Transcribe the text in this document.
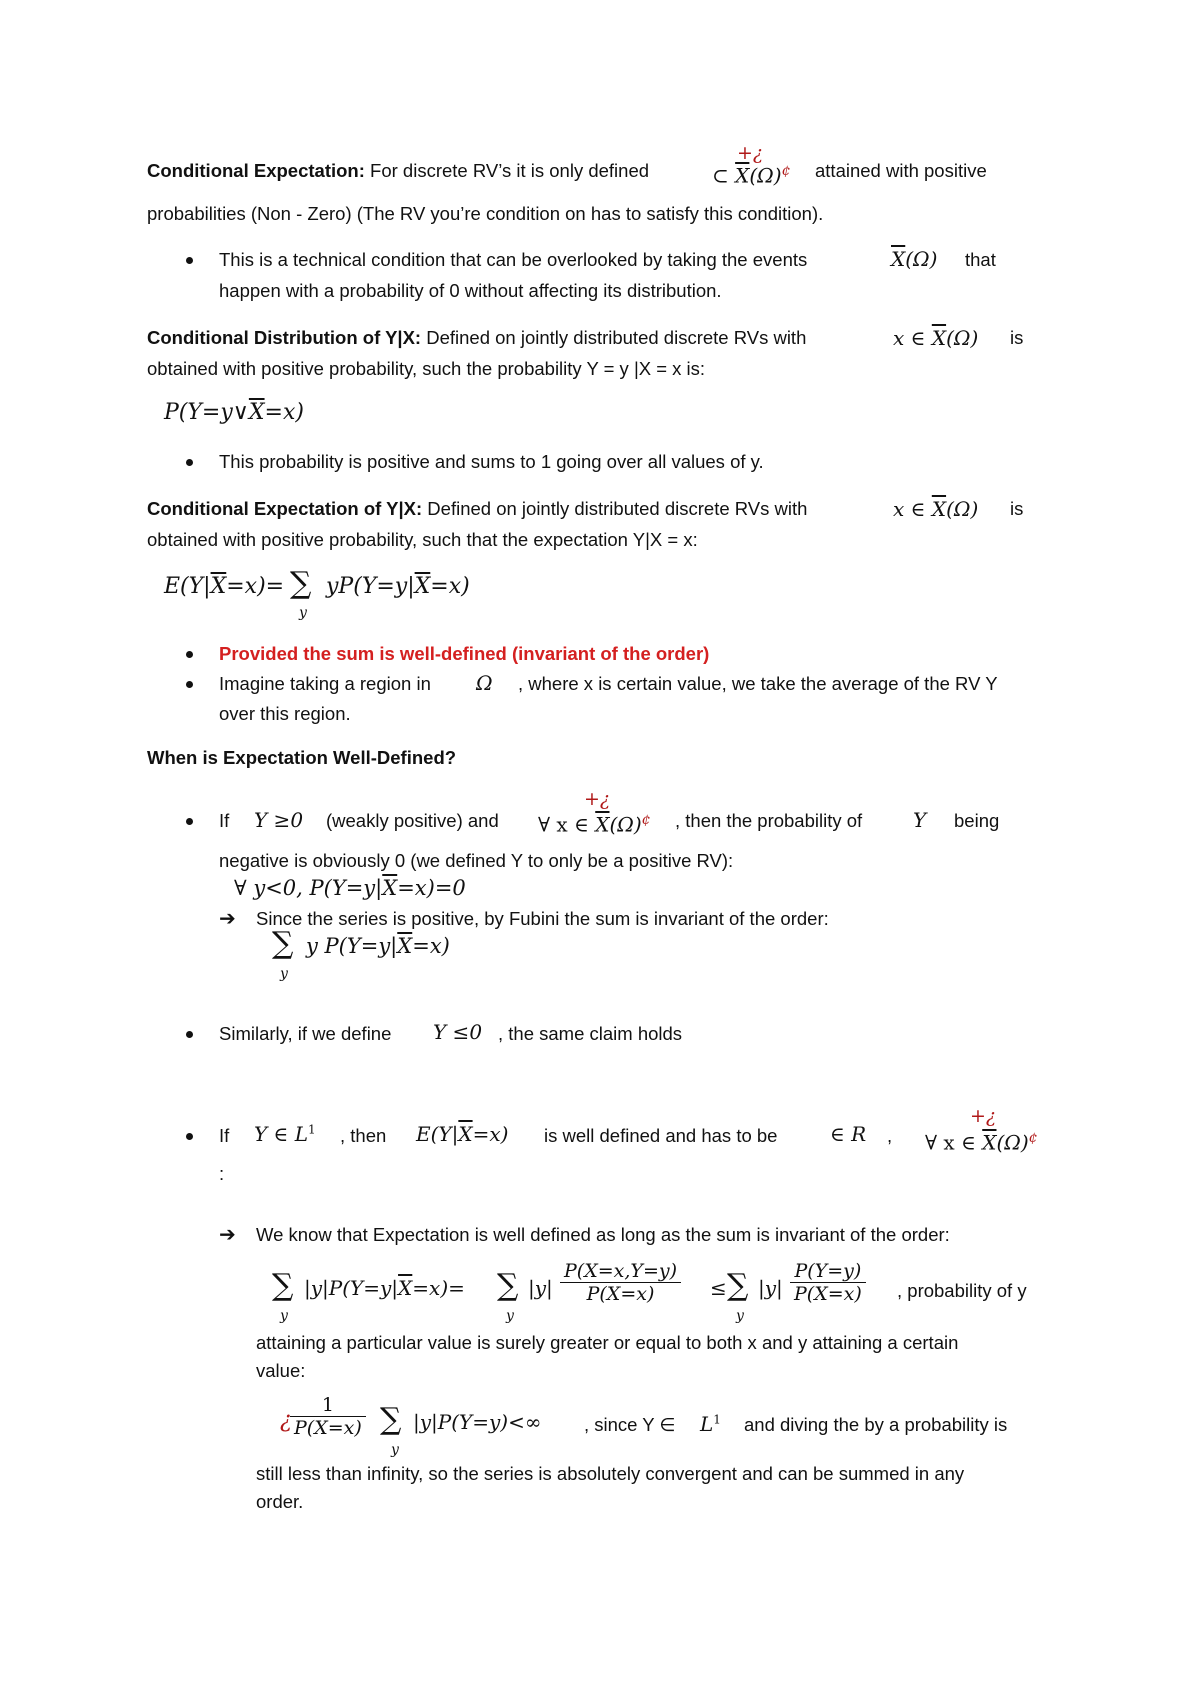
Conditional Expectation: For discrete RV’s it is only defined
+¿
⊂ $\overline{X}(\Omega)^¢$ attained with positive
probabilities (Non - Zero) (The RV you’re condition on has to satisfy this condition).
This is a technical condition that can be overlooked by taking the events	$\overline{X}(\Omega)$ that
happen with a probability of 0 without affecting its distribution.
Conditional Distribution of Y|X: Defined on jointly distributed discrete RVs with	x ∈ $\overline{X}(\Omega)$ is
obtained with positive probability, such the probability Y = y |X = x is:
$P(Y=y\vee\overline{X}=x)$
This probability is positive and sums to 1 going over all values of y.
Conditional Expectation of Y|X: Defined on jointly distributed discrete RVs with	x ∈ $\overline{X}(\Omega)$ is
obtained with positive probability, such that the expectation Y|X = x:
$E(Y|\overline{X}=x)=$ ∑
y
$yP(Y=y|\overline{X}=x)$
Provided the sum is well-defined (invariant of the order)
Imagine taking a region in Ω , where x is certain value, we take the average of the RV Y
over this region.
When is Expectation Well-Defined?
If Y ≥0 (weakly positive) and
+¿
∀ x ∈ $\overline{X}(\Omega)^¢$ , then the probability of	Y being
negative is obviously 0 (we defined Y to only be a positive RV):
∀ y<0, $P(Y=y|\overline{X}=x)=0$
➔ Since the series is positive, by Fubini the sum is invariant of the order:
∑
y
y $P(Y=y|\overline{X}=x)$
Similarly, if we define Y ≤0 , the same claim holds
If Y ∈ $L^1$ , then $E(Y|\overline{X}=x)$ is well defined and has to be	∈ R ,
+¿
∀ x ∈ $\overline{X}(\Omega)^¢$
:
➔ We know that Expectation is well defined as long as the sum is invariant of the order:
∑
y
$|y|P(Y=y|\overline{X}=x)=$ ∑
y
$|y| \frac{P(X=x,Y=y)}{P(X=x)}$ ≤ ∑
y
$|y| \frac{P(Y=y)}{P(X=x)}$ , probability of y
attaining a particular value is surely greater or equal to both x and y attaining a certain
value:
¿
$\frac{1}{P(X=x)}$ ∑
y
|y|P(Y=y)<∞ , since Y ∈ $L^1$ and diving the by a probability is
still less than infinity, so the series is absolutely convergent and can be summed in any
order.
